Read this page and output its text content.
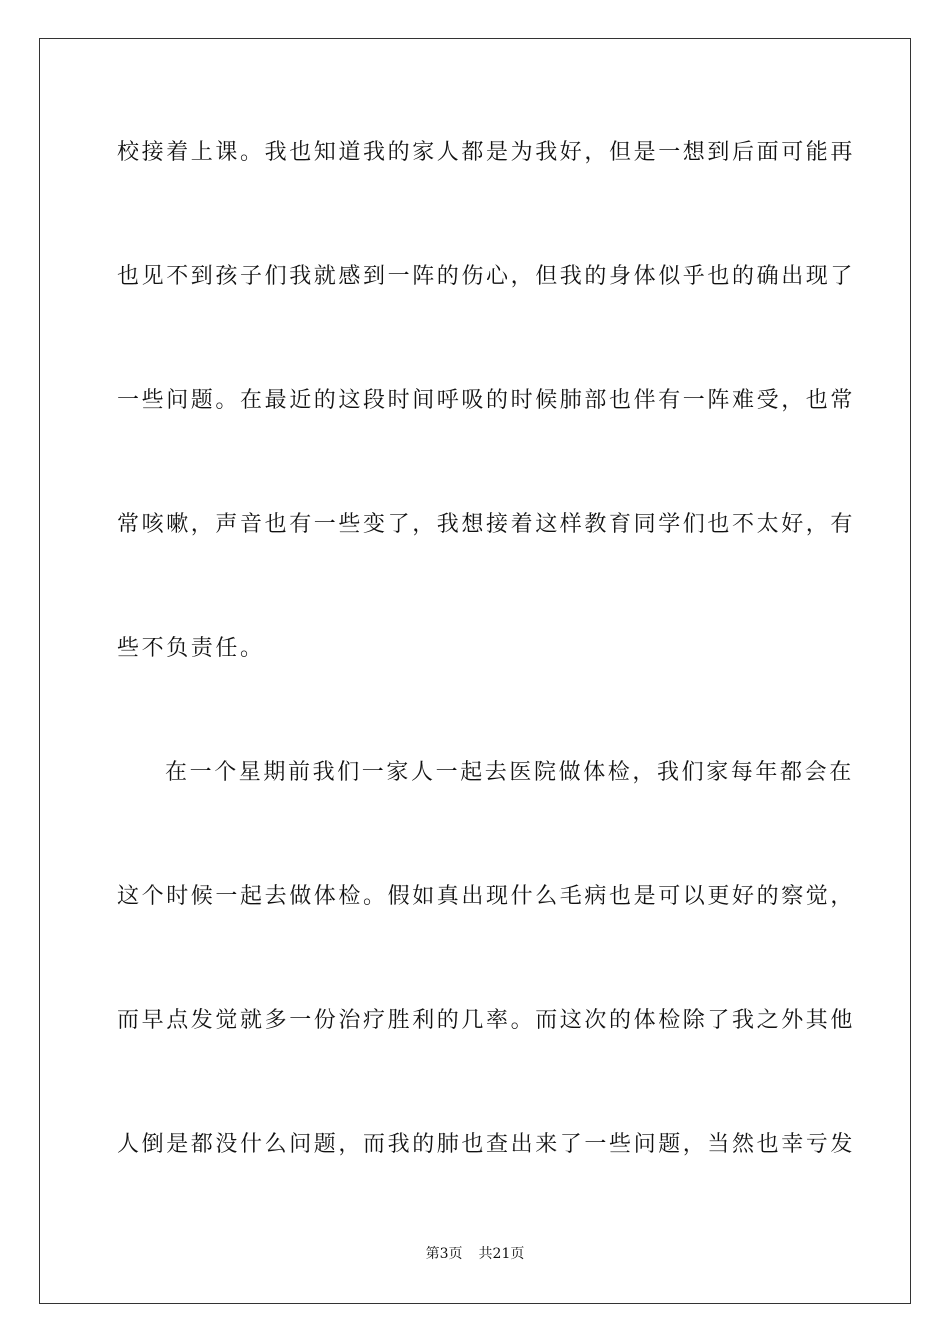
校接着上课。我也知道我的家人都是为我好，但是一想到后面可能再
也见不到孩子们我就感到一阵的伤心，但我的身体似乎也的确出现了
一些问题。在最近的这段时间呼吸的时候肺部也伴有一阵难受，也常
常咳嗽，声音也有一些变了，我想接着这样教育同学们也不太好，有
些不负责任。
在一个星期前我们一家人一起去医院做体检，我们家每年都会在
这个时候一起去做体检。假如真出现什么毛病也是可以更好的察觉，
而早点发觉就多一份治疗胜利的几率。而这次的体检除了我之外其他
人倒是都没什么问题，而我的肺也查出来了一些问题，当然也幸亏发
第3页 共21页
